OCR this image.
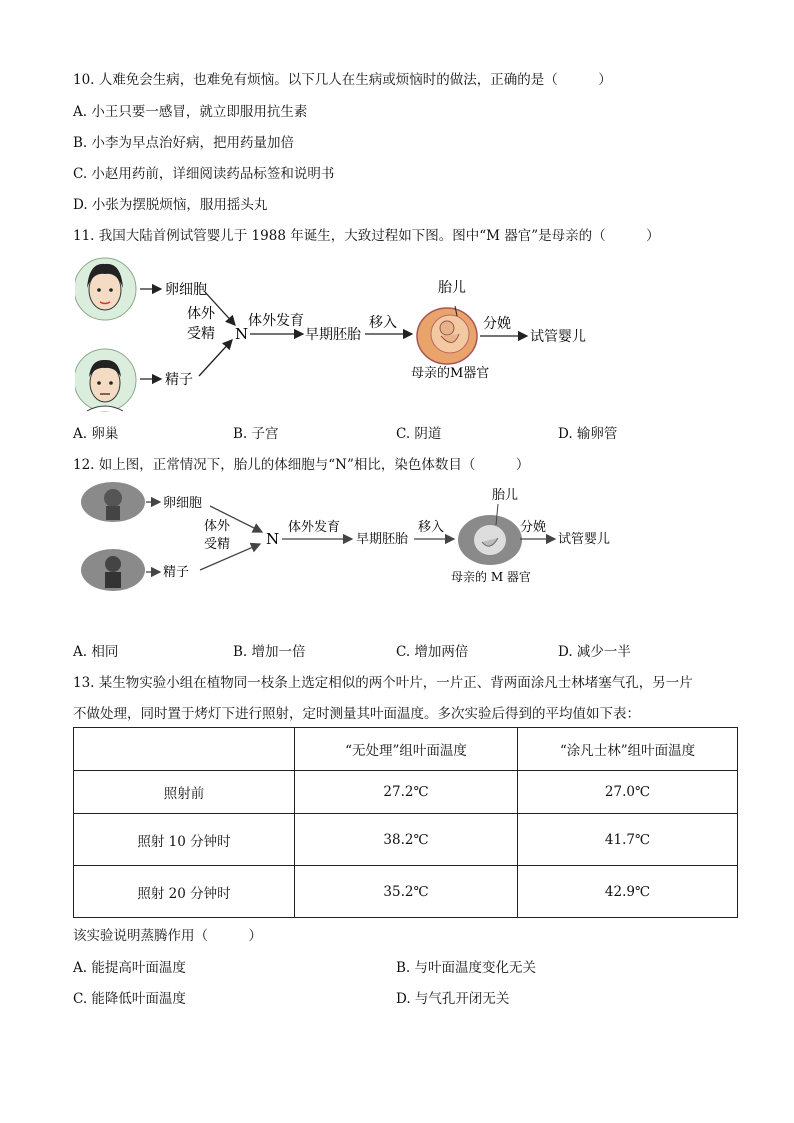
10. 人难免会生病，也难免有烦恼。以下几人在生病或烦恼时的做法，正确的是（　　　）
A. 小王只要一感冒，就立即服用抗生素
B. 小李为早点治好病，把用药量加倍
C. 小赵用药前，详细阅读药品标签和说明书
D. 小张为摆脱烦恼，服用摇头丸
11. 我国大陆首例试管婴儿于 1988 年诞生，大致过程如下图。图中“M 器官”是母亲的（　　　）
卵细胞
精子
体外
受精 N
体外发育
早期胚胎
移入
胎儿
分娩
试管婴儿
母亲的M器官
A. 卵巢	B. 子宫	C. 阴道	D. 输卵管
12. 如上图，正常情况下，胎儿的体细胞与“N”相比，染色体数目（　　　）
卵细胞
精子
体外
受精 N
体外发育
早期胚胎
移入
胎儿
分娩
试管婴儿
母亲的 M 器官
A. 相同	B. 增加一倍	C. 增加两倍	D. 减少一半
13. 某生物实验小组在植物同一枝条上选定相似的两个叶片，一片正、背两面涂凡士林堵塞气孔，另一片
不做处理，同时置于烤灯下进行照射，定时测量其叶面温度。多次实验后得到的平均值如下表：
	“无处理”组叶面温度	“涂凡士林”组叶面温度
照射前	27.2℃	27.0℃
照射 10 分钟时	38.2℃	41.7℃
照射 20 分钟时	35.2℃	42.9℃
该实验说明蒸腾作用（　　　）
A. 能提高叶面温度	B. 与叶面温度变化无关
C. 能降低叶面温度	D. 与气孔开闭无关
